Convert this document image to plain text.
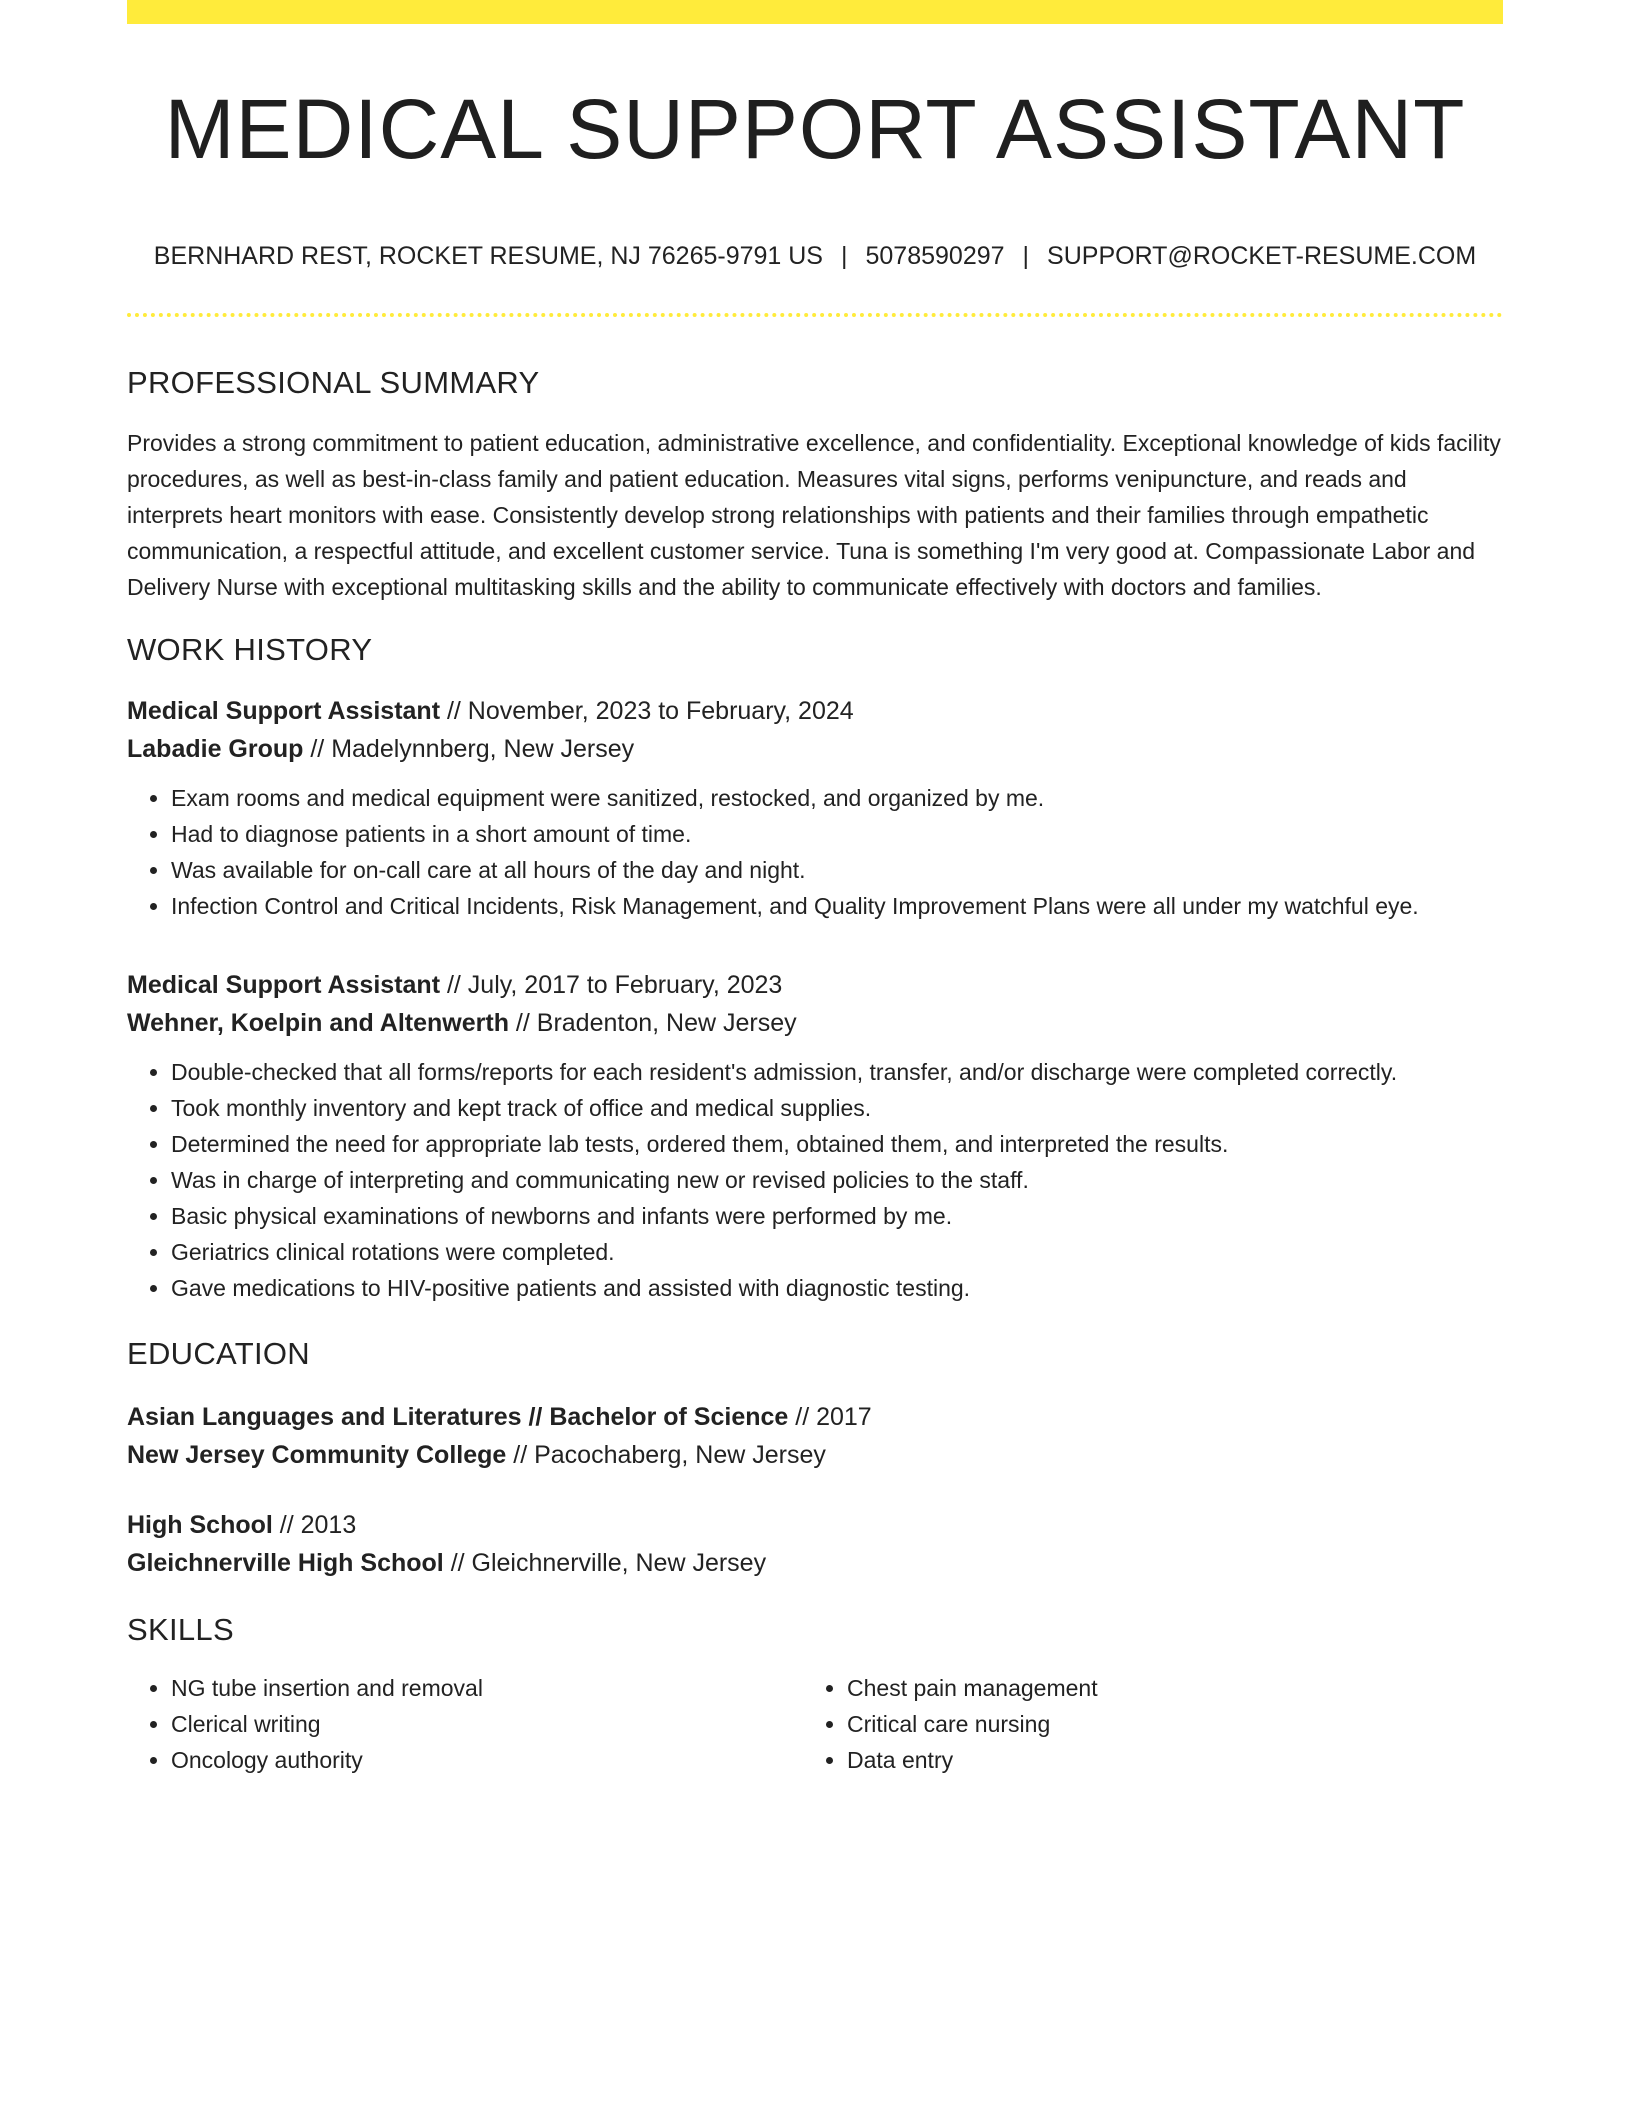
MEDICAL SUPPORT ASSISTANT
BERNHARD REST, ROCKET RESUME, NJ 76265-9791 US | 5078590297 | SUPPORT@ROCKET-RESUME.COM
PROFESSIONAL SUMMARY
Provides a strong commitment to patient education, administrative excellence, and confidentiality. Exceptional knowledge of kids facility procedures, as well as best-in-class family and patient education. Measures vital signs, performs venipuncture, and reads and interprets heart monitors with ease. Consistently develop strong relationships with patients and their families through empathetic communication, a respectful attitude, and excellent customer service. Tuna is something I'm very good at. Compassionate Labor and Delivery Nurse with exceptional multitasking skills and the ability to communicate effectively with doctors and families.
WORK HISTORY
Medical Support Assistant // November, 2023 to February, 2024
Labadie Group // Madelynnberg, New Jersey
• Exam rooms and medical equipment were sanitized, restocked, and organized by me.
• Had to diagnose patients in a short amount of time.
• Was available for on-call care at all hours of the day and night.
• Infection Control and Critical Incidents, Risk Management, and Quality Improvement Plans were all under my watchful eye.
Medical Support Assistant // July, 2017 to February, 2023
Wehner, Koelpin and Altenwerth // Bradenton, New Jersey
• Double-checked that all forms/reports for each resident's admission, transfer, and/or discharge were completed correctly.
• Took monthly inventory and kept track of office and medical supplies.
• Determined the need for appropriate lab tests, ordered them, obtained them, and interpreted the results.
• Was in charge of interpreting and communicating new or revised policies to the staff.
• Basic physical examinations of newborns and infants were performed by me.
• Geriatrics clinical rotations were completed.
• Gave medications to HIV-positive patients and assisted with diagnostic testing.
EDUCATION
Asian Languages and Literatures // Bachelor of Science // 2017
New Jersey Community College // Pacochaberg, New Jersey
High School // 2013
Gleichnerville High School // Gleichnerville, New Jersey
SKILLS
• NG tube insertion and removal
• Clerical writing
• Oncology authority
• Chest pain management
• Critical care nursing
• Data entry
